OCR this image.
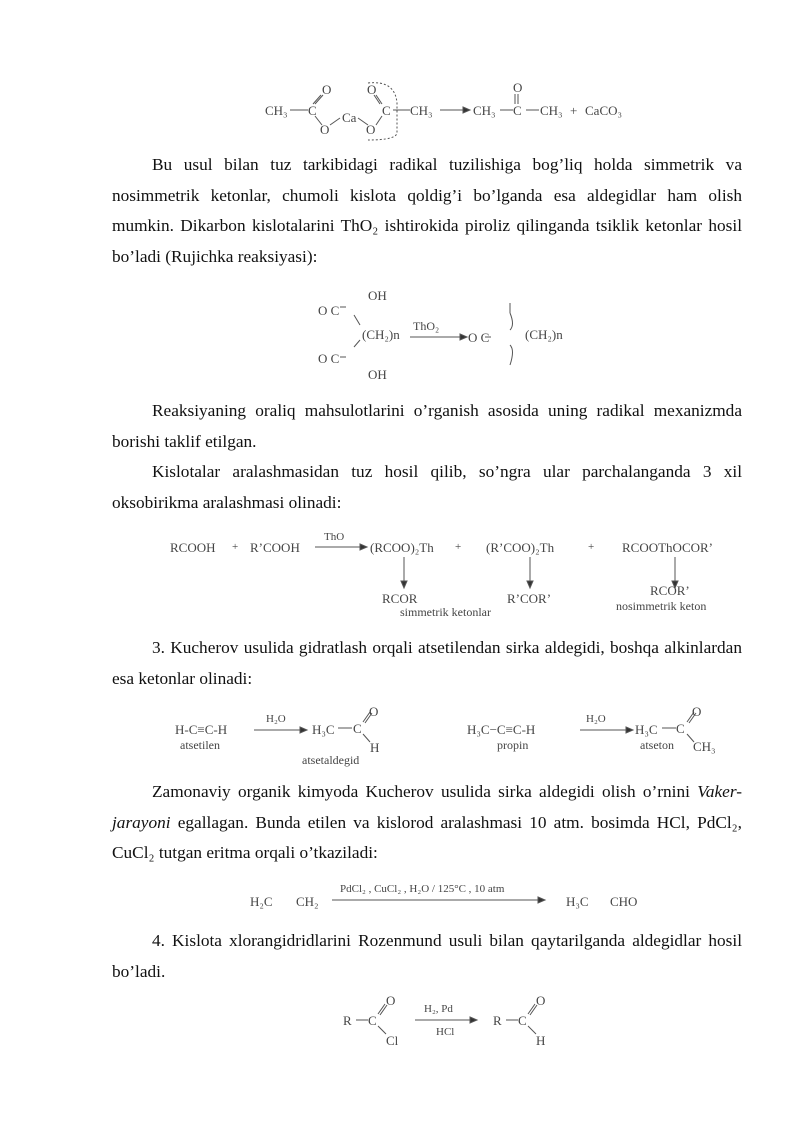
CH₃
O
C
O
Ca
O
O
C CH₃	CH₃
O
C CH₃ + CaCO₃

Bu usul bilan tuz tarkibidagi radikal tuzilishiga bog’liq holda simmetrik va nosimmetrik ketonlar, chumoli kislota qoldig’i bo’lganda esa aldegidlar ham olish mumkin. Dikarbon kislotalarini ThO₂ ishtirokida piroliz qilinganda tsiklik ketonlar hosil bo’ladi (Rujichka reaksiyasi):

OH
O C
(CH₂)n
O C
OH
ThO₂
O C	(CH₂)n

Reaksiyaning oraliq mahsulotlarini o’rganish asosida uning radikal mexanizmda borishi taklif etilgan.

Kislotalar aralashmasidan tuz hosil qilib, so’ngra ular parchalanganda 3 xil oksobirikma aralashmasi olinadi:

RCOOH + R’COOH
ThO
(RCOO)₂Th + (R’COO)₂Th	+ RCOOThOCOR’
RCOR	R’COR’
simmetrik ketonlar
RCOR’
nosimmetrik keton

3. Kucherov usulida gidratlash orqali atsetilendan sirka aldegidi, boshqa alkinlardan esa ketonlar olinadi:

H-C≡C-H
atsetilen
H₂O
H₃C C
O
H
atsetaldegid
H₃C−C≡C-H
propin
H₂O
H₃C C
O
CH₃
atseton

Zamonaviy organik kimyoda Kucherov usulida sirka aldegidi olish o’rnini Vaker-jarayoni egallagan. Bunda etilen va kislorod aralashmasi 10 atm. bosimda HCl, PdCl₂, CuCl₂ tutgan eritma orqali o’tkaziladi:

H₂C CH₂
PdCl₂ , CuCl₂ , H₂O / 125°C , 10 atm
H₃C CHO

4. Kislota xlorangidridlarini Rozenmund usuli bilan qaytarilganda aldegidlar hosil bo’ladi.

R C
O
Cl
H₂, Pd
HCl
R C
O
H
